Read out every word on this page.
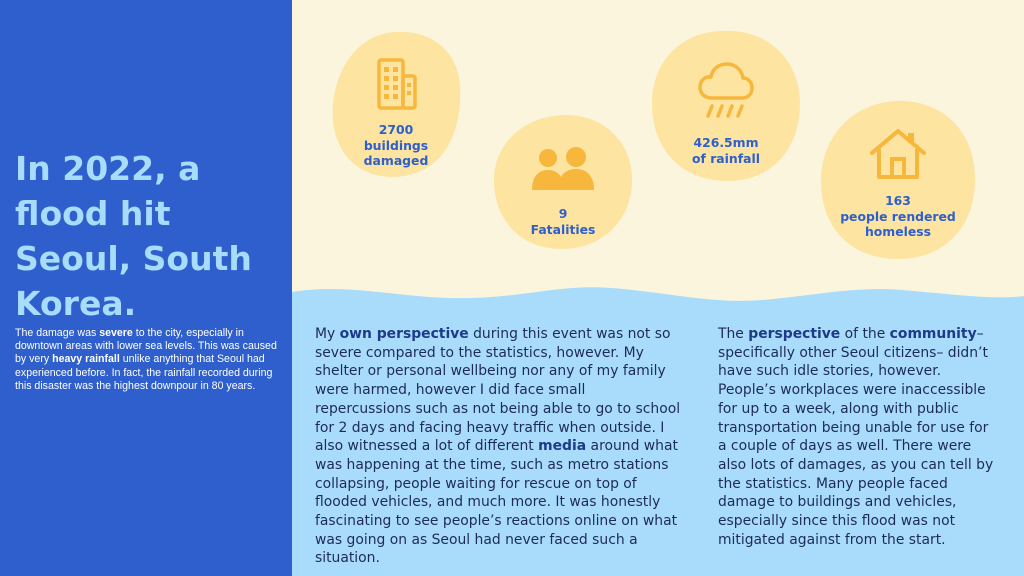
In 2022, a flood hit Seoul, South Korea.

The damage was severe to the city, especially in downtown areas with lower sea levels. This was caused by very heavy rainfall unlike anything that Seoul had experienced before. In fact, the rainfall recorded during this disaster was the highest downpour in 80 years.

2700
buildings
damaged
9
Fatalities
426.5mm
of rainfall
163
people rendered
homeless

My own perspective during this event was not so severe compared to the statistics, however. My shelter or personal wellbeing nor any of my family were harmed, however I did face small repercussions such as not being able to go to school for 2 days and facing heavy traffic when outside. I also witnessed a lot of different media around what was happening at the time, such as metro stations collapsing, people waiting for rescue on top of flooded vehicles, and much more. It was honestly fascinating to see people’s reactions online on what was going on as Seoul had never faced such a situation.

The perspective of the community– specifically other Seoul citizens– didn’t have such idle stories, however. People’s workplaces were inaccessible for up to a week, along with public transportation being unable for use for a couple of days as well. There were also lots of damages, as you can tell by the statistics. Many people faced damage to buildings and vehicles, especially since this flood was not mitigated against from the start.
